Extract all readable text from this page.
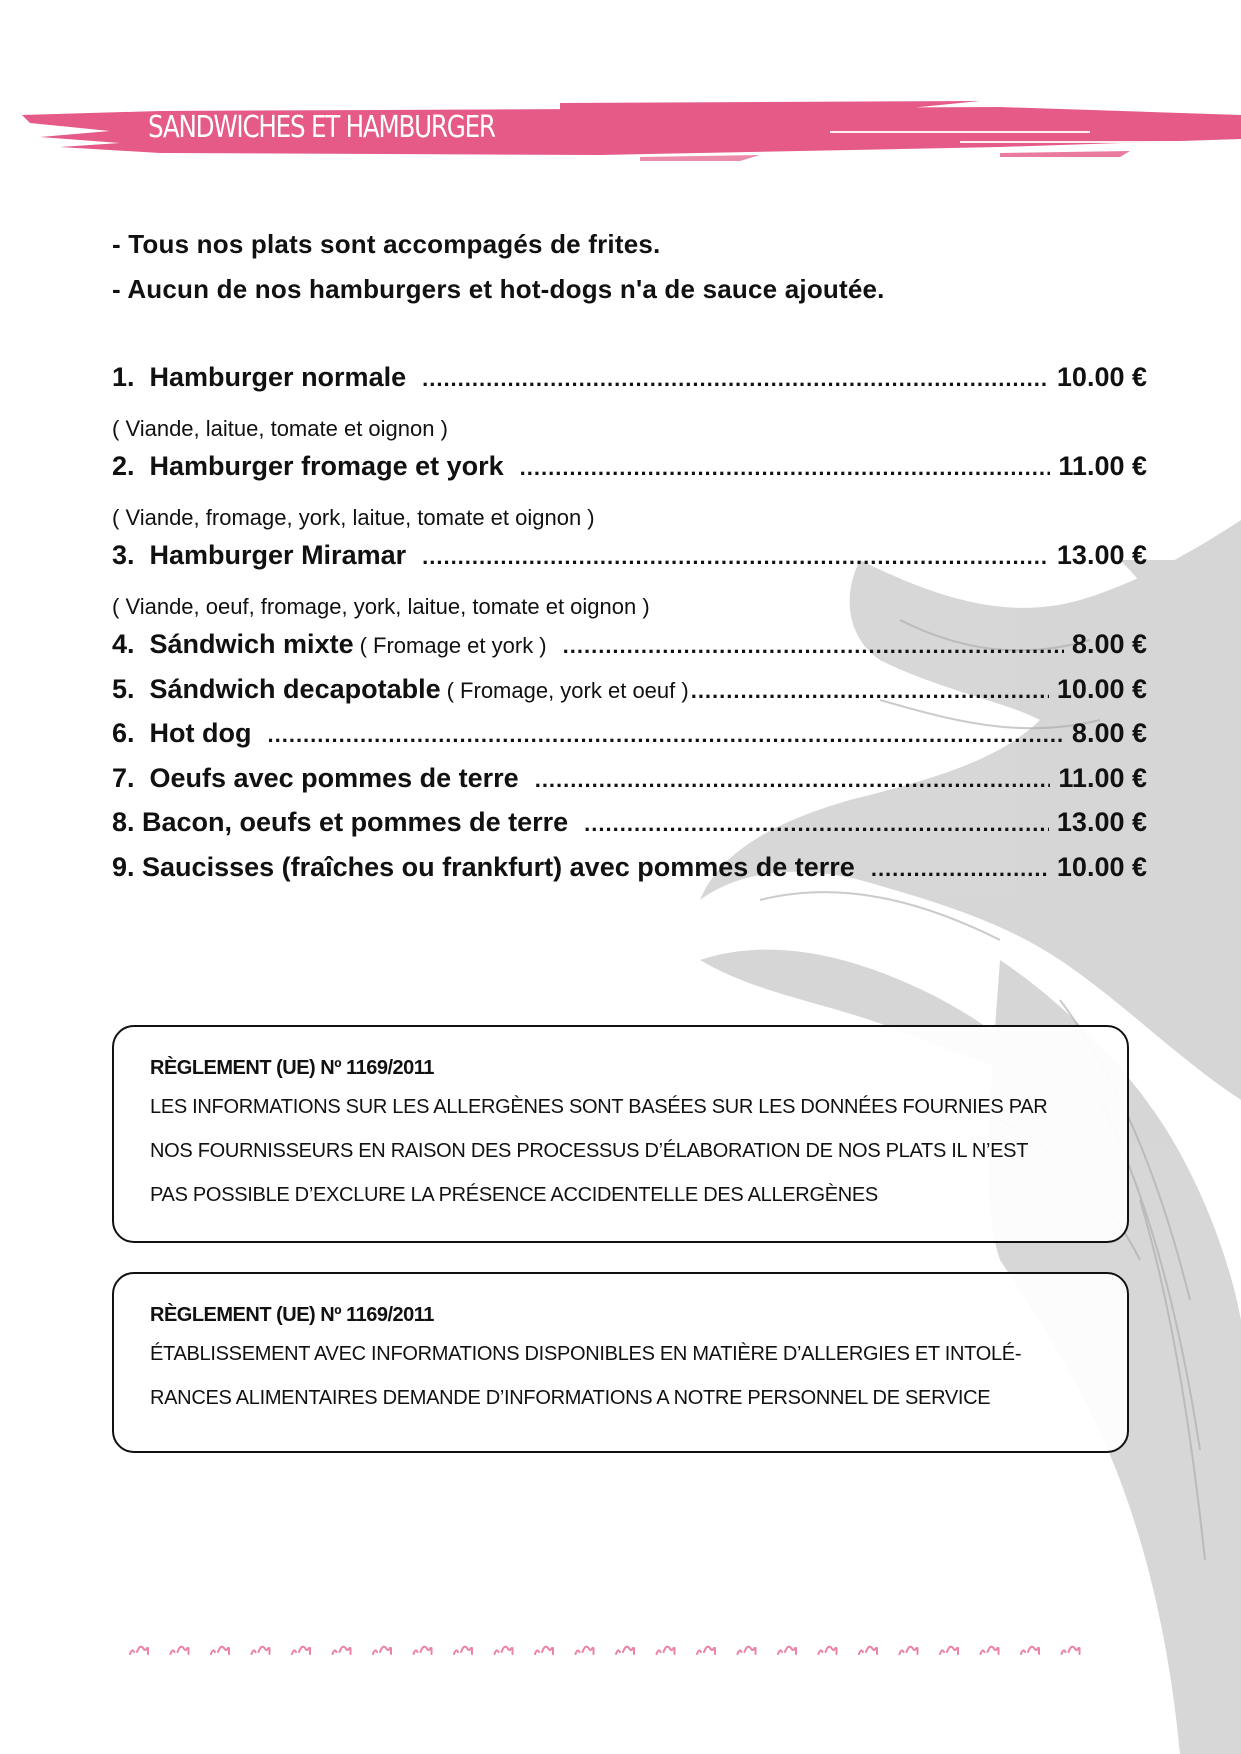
SANDWICHES ET HAMBURGER
- Tous nos plats sont accompagés de frites.
- Aucun de nos hamburgers et hot-dogs n'a de sauce ajoutée.
1. Hamburger normale .....	10.00 €
( Viande, laitue, tomate et oignon )
2. Hamburger fromage et york .....	11.00 €
( Viande, fromage, york, laitue, tomate et oignon )
3. Hamburger Miramar .....	13.00 €
( Viande, oeuf, fromage, york, laitue, tomate et oignon )
4. Sándwich mixte ( Fromage et york ) .....	8.00 €
5. Sándwich decapotable ( Fromage, york et oeuf ) .....	10.00 €
6. Hot dog .....	8.00 €
7. Oeufs avec pommes de terre .....	11.00 €
8. Bacon, oeufs et pommes de terre .....	13.00 €
9. Saucisses (fraîches ou frankfurt) avec pommes de terre .....	10.00 €
RÈGLEMENT (UE) Nº 1169/2011
LES INFORMATIONS SUR LES ALLERGÈNES SONT BASÉES SUR LES DONNÉES FOURNIES PAR
NOS FOURNISSEURS EN RAISON DES PROCESSUS D’ÉLABORATION DE NOS PLATS IL N’EST
PAS POSSIBLE D’EXCLURE LA PRÉSENCE ACCIDENTELLE DES ALLERGÈNES
RÈGLEMENT (UE) Nº 1169/2011
ÉTABLISSEMENT AVEC INFORMATIONS DISPONIBLES EN MATIÈRE D’ALLERGIES ET INTOLÉ-
RANCES ALIMENTAIRES DEMANDE D’INFORMATIONS A NOTRE PERSONNEL DE SERVICE
